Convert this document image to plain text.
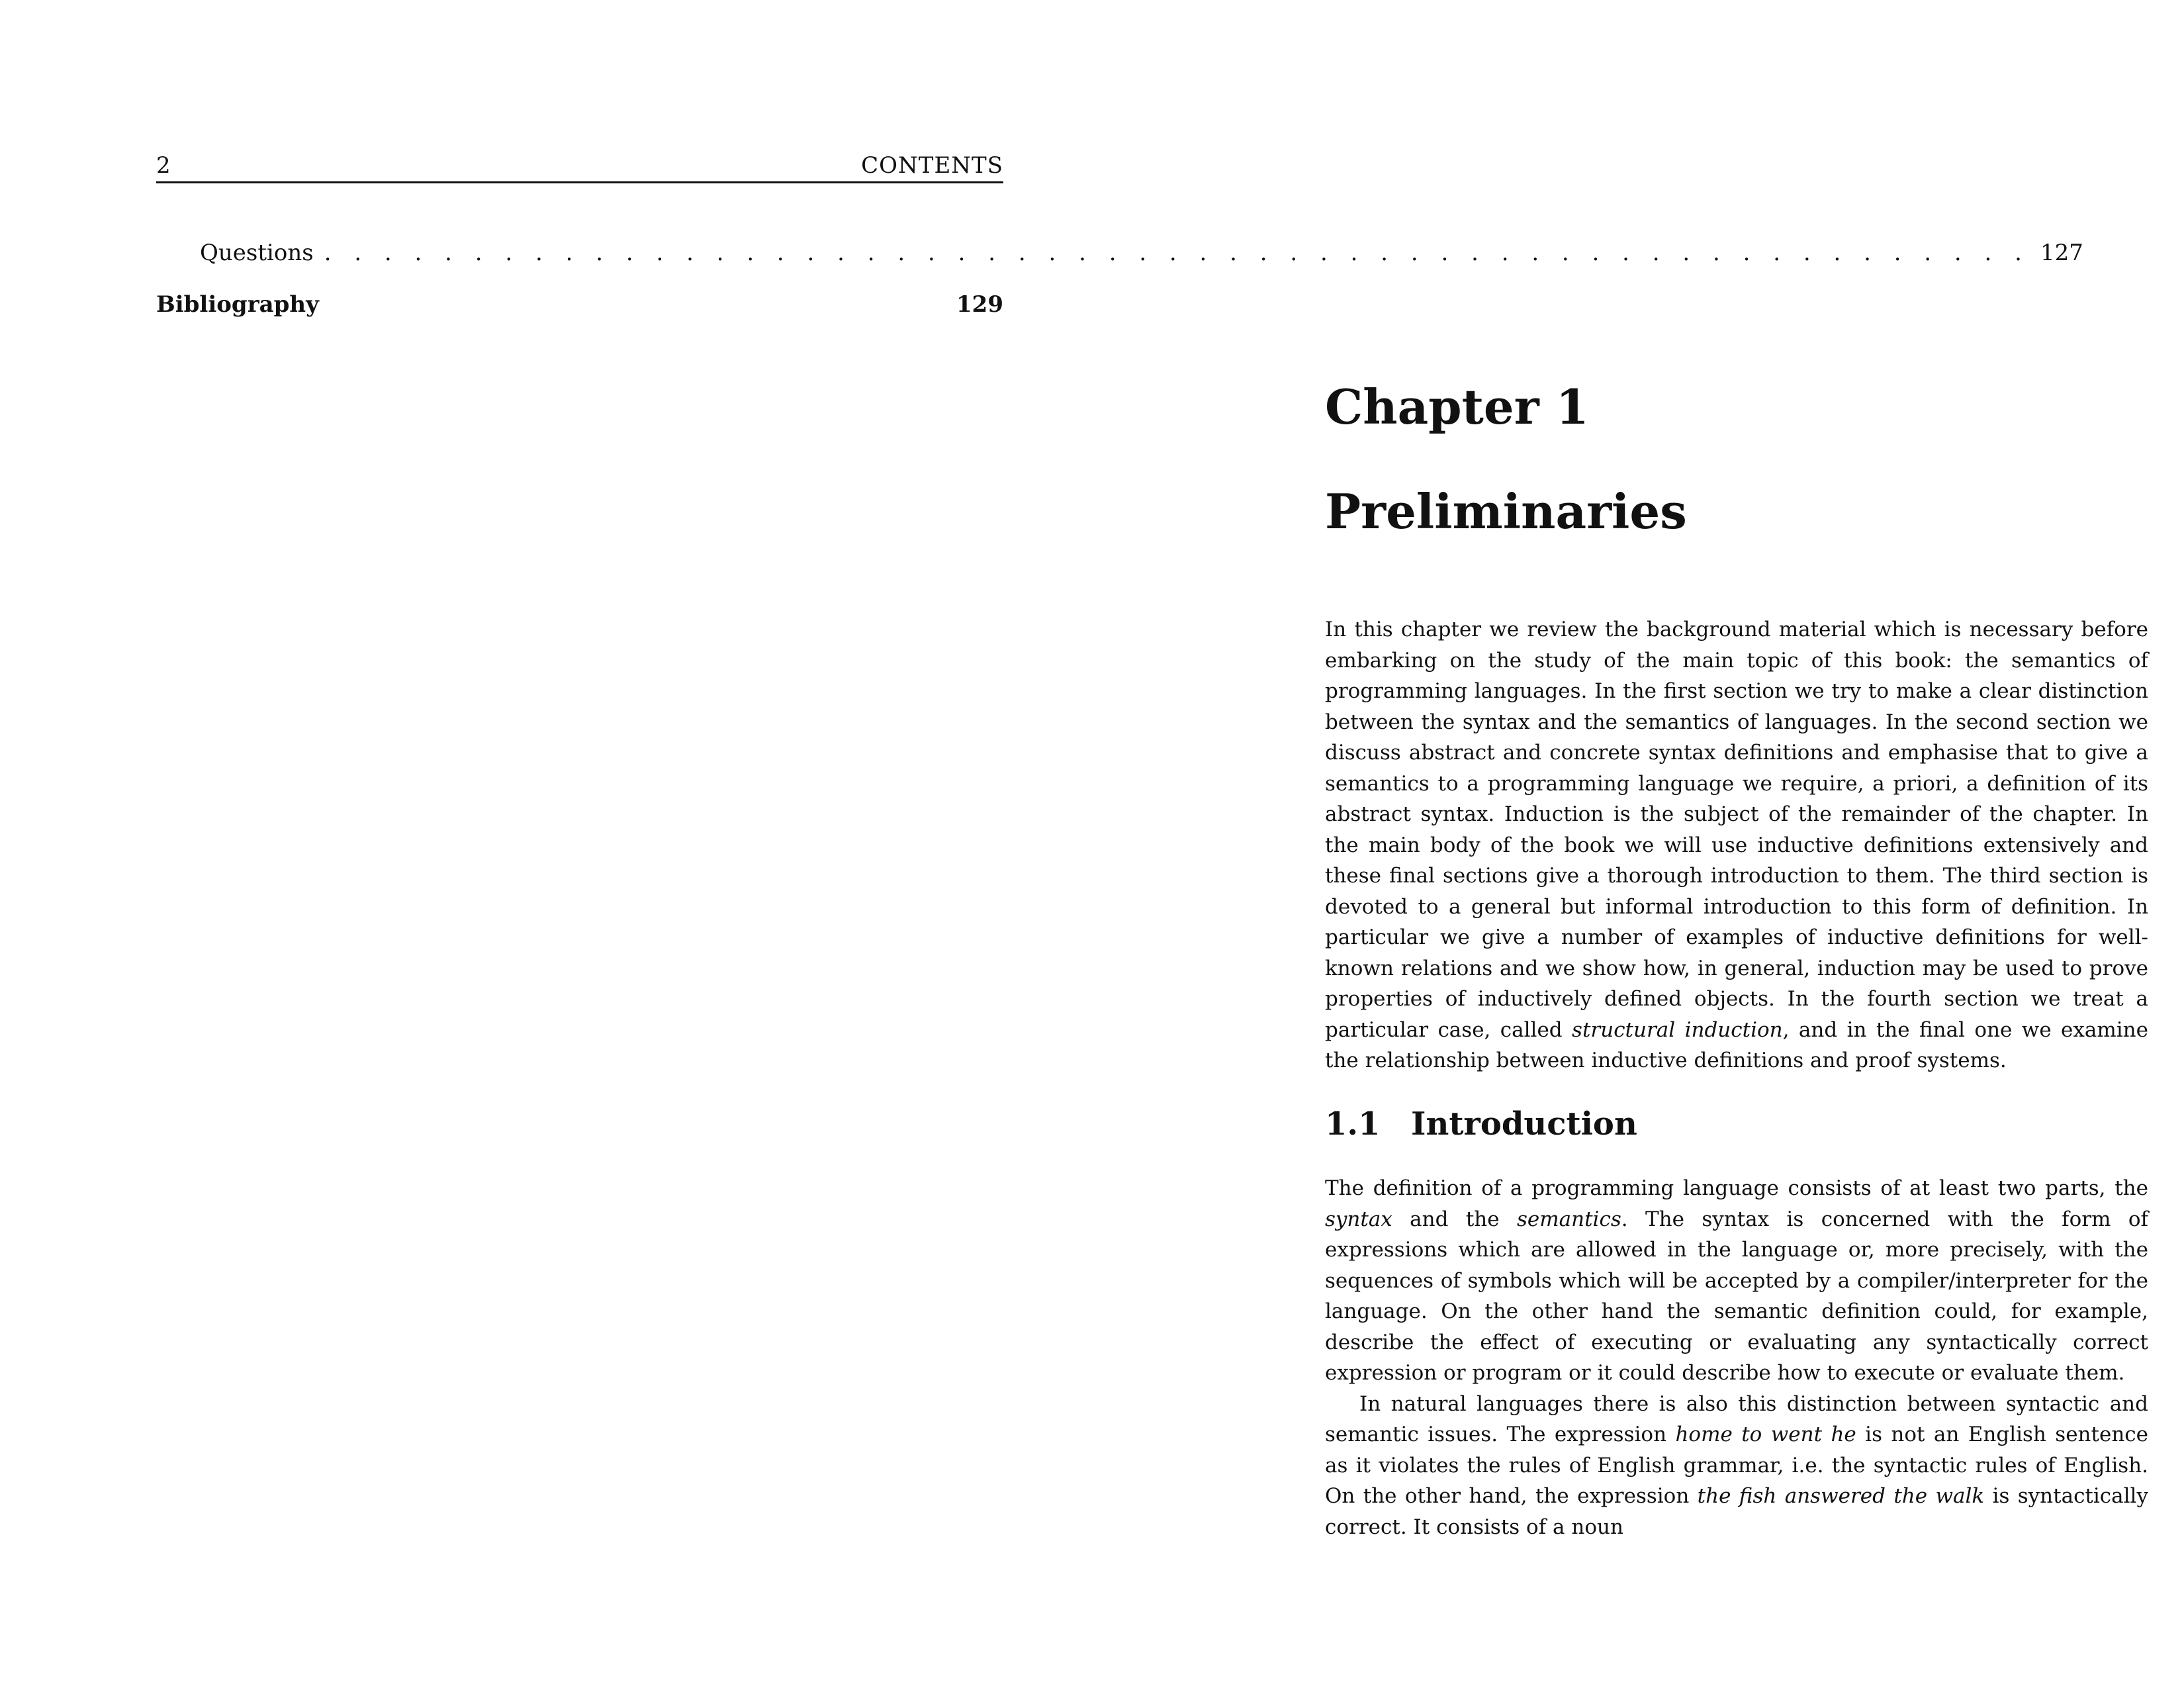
2	CONTENTS
Questions . . . . . . . . . . . . . . . . . . . . . . . . . . . . . . . . . . . . . . . . . . . . . . . . . . . . . . . . . 127
Bibliography	129
Chapter 1
Preliminaries

In this chapter we review the background material which is necessary before embarking on the study of the main topic of this book: the semantics of programming languages. In the first section we try to make a clear distinction between the syntax and the semantics of languages. In the second section we discuss abstract and concrete syntax definitions and emphasise that to give a semantics to a programming language we require, a priori, a definition of its abstract syntax. Induction is the subject of the remainder of the chapter. In the main body of the book we will use inductive definitions extensively and these final sections give a thorough introduction to them. The third section is devoted to a general but informal introduction to this form of definition. In particular we give a number of examples of inductive definitions for well-known relations and we show how, in general, induction may be used to prove properties of inductively defined objects. In the fourth section we treat a particular case, called structural induction, and in the final one we examine the relationship between inductive definitions and proof systems.

1.1 Introduction

The definition of a programming language consists of at least two parts, the syntax and the semantics. The syntax is concerned with the form of expressions which are allowed in the language or, more precisely, with the sequences of symbols which will be accepted by a compiler/interpreter for the language. On the other hand the semantic definition could, for example, describe the effect of executing or evaluating any syntactically correct expression or program or it could describe how to execute or evaluate them.

In natural languages there is also this distinction between syntactic and semantic issues. The expression home to went he is not an English sentence as it violates the rules of English grammar, i.e. the syntactic rules of English. On the other hand, the expression the fish answered the walk is syntactically correct. It consists of a noun
